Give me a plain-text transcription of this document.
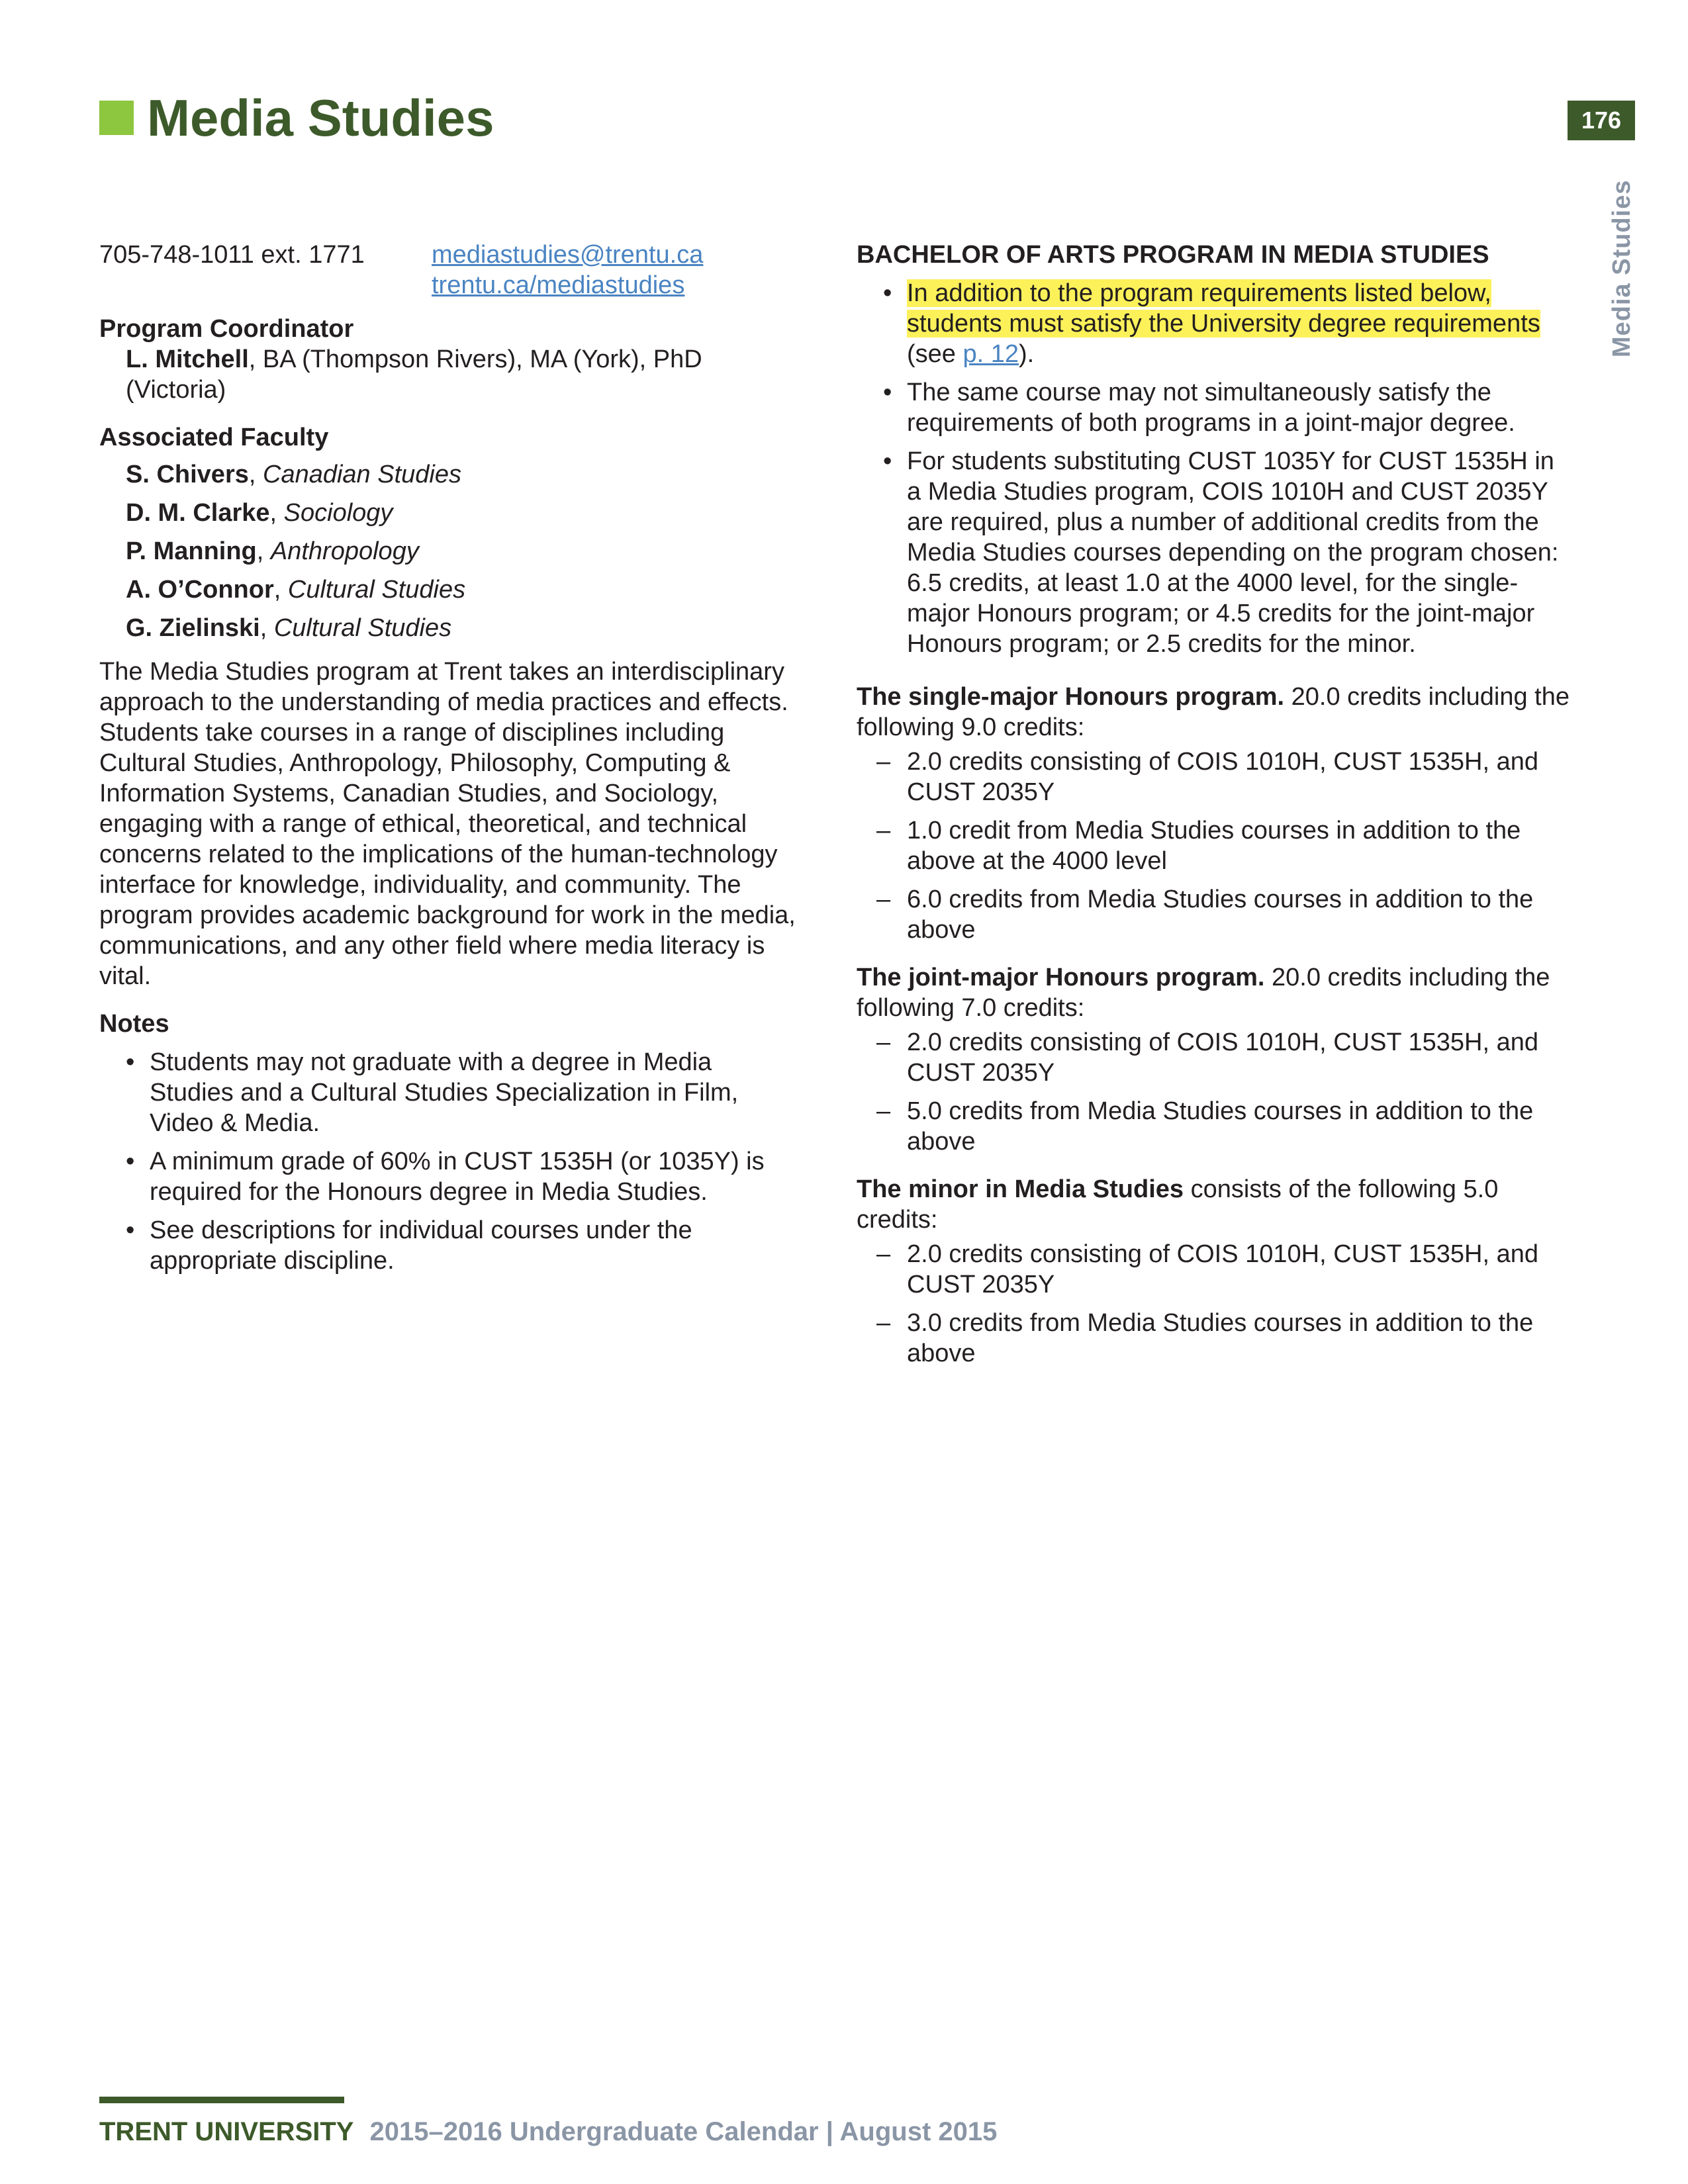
Media Studies	176
Media Studies
705-748-1011 ext. 1771	mediastudies@trentu.ca
trentu.ca/mediastudies

Program Coordinator

L. Mitchell, BA (Thompson Rivers), MA (York), PhD (Victoria)

Associated Faculty

S. Chivers, Canadian Studies

D. M. Clarke, Sociology

P. Manning, Anthropology

A. O’Connor, Cultural Studies

G. Zielinski, Cultural Studies

The Media Studies program at Trent takes an interdisciplinary approach to the understanding of media practices and effects. Students take courses in a range of disciplines including Cultural Studies, Anthropology, Philosophy, Computing & Information Systems, Canadian Studies, and Sociology, engaging with a range of ethical, theoretical, and technical concerns related to the implications of the human-technology interface for knowledge, individuality, and community. The program provides academic background for work in the media, communications, and any other field where media literacy is vital.

Notes

• Students may not graduate with a degree in Media Studies and a Cultural Studies Specialization in Film, Video & Media.
• A minimum grade of 60% in CUST 1535H (or 1035Y) is required for the Honours degree in Media Studies.
• See descriptions for individual courses under the appropriate discipline.

BACHELOR OF ARTS PROGRAM IN MEDIA STUDIES

• In addition to the program requirements listed below, students must satisfy the University degree requirements (see p. 12).
• The same course may not simultaneously satisfy the requirements of both programs in a joint-major degree.
• For students substituting CUST 1035Y for CUST 1535H in a Media Studies program, COIS 1010H and CUST 2035Y are required, plus a number of additional credits from the Media Studies courses depending on the program chosen: 6.5 credits, at least 1.0 at the 4000 level, for the single-major Honours program; or 4.5 credits for the joint-major Honours program; or 2.5 credits for the minor.

The single-major Honours program. 20.0 credits including the following 9.0 credits:

– 2.0 credits consisting of COIS 1010H, CUST 1535H, and CUST 2035Y
– 1.0 credit from Media Studies courses in addition to the above at the 4000 level
– 6.0 credits from Media Studies courses in addition to the above

The joint-major Honours program. 20.0 credits including the following 7.0 credits:

– 2.0 credits consisting of COIS 1010H, CUST 1535H, and CUST 2035Y
– 5.0 credits from Media Studies courses in addition to the above

The minor in Media Studies consists of the following 5.0 credits:

– 2.0 credits consisting of COIS 1010H, CUST 1535H, and CUST 2035Y
– 3.0 credits from Media Studies courses in addition to the above
TRENT UNIVERSITY 2015–2016 Undergraduate Calendar | August 2015
